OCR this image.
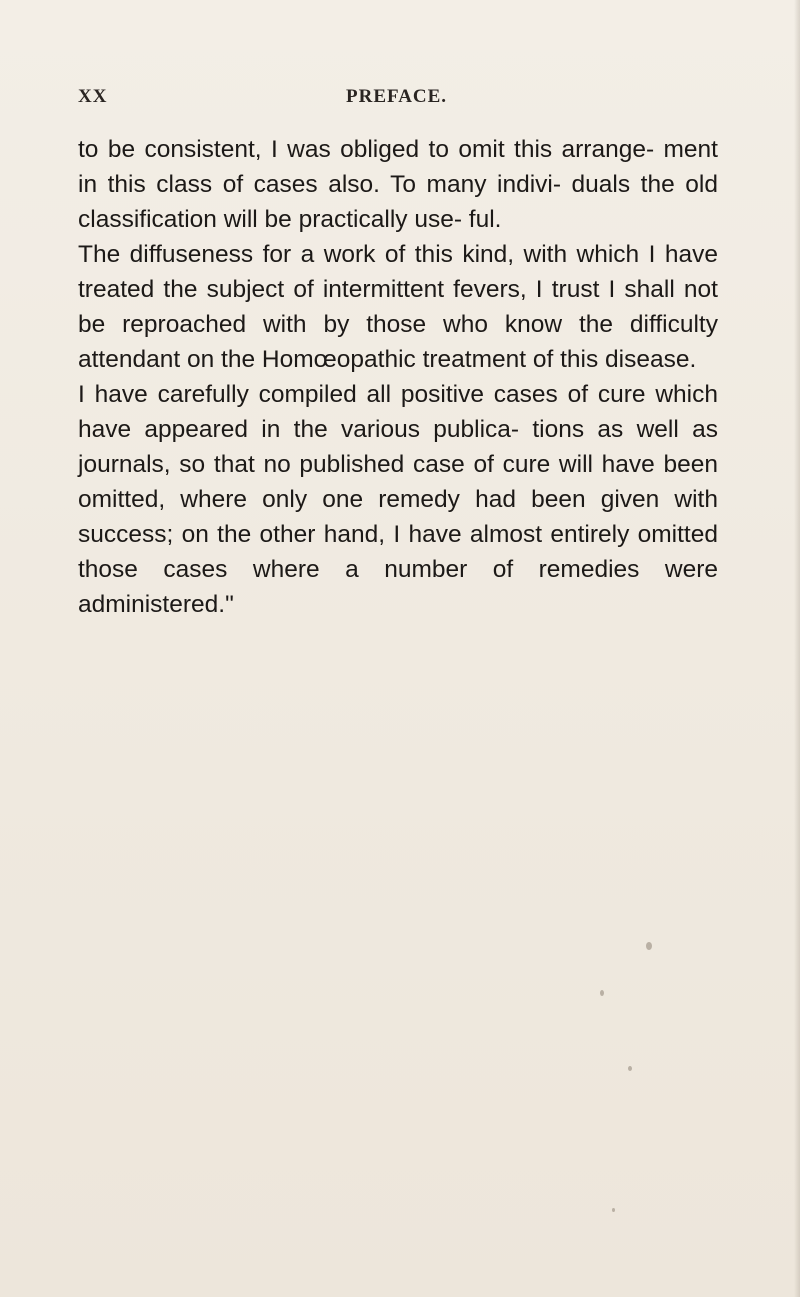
XX	PREFACE.

to be consistent, I was obliged to omit this arrange- ment in this class of cases also. To many indivi- duals the old classification will be practically use- ful.

The diffuseness for a work of this kind, with which I have treated the subject of intermittent fevers, I trust I shall not be reproached with by those who know the difficulty attendant on the Homœopathic treatment of this disease.

I have carefully compiled all positive cases of cure which have appeared in the various publica- tions as well as journals, so that no published case of cure will have been omitted, where only one remedy had been given with success; on the other hand, I have almost entirely omitted those cases where a number of remedies were administered."
